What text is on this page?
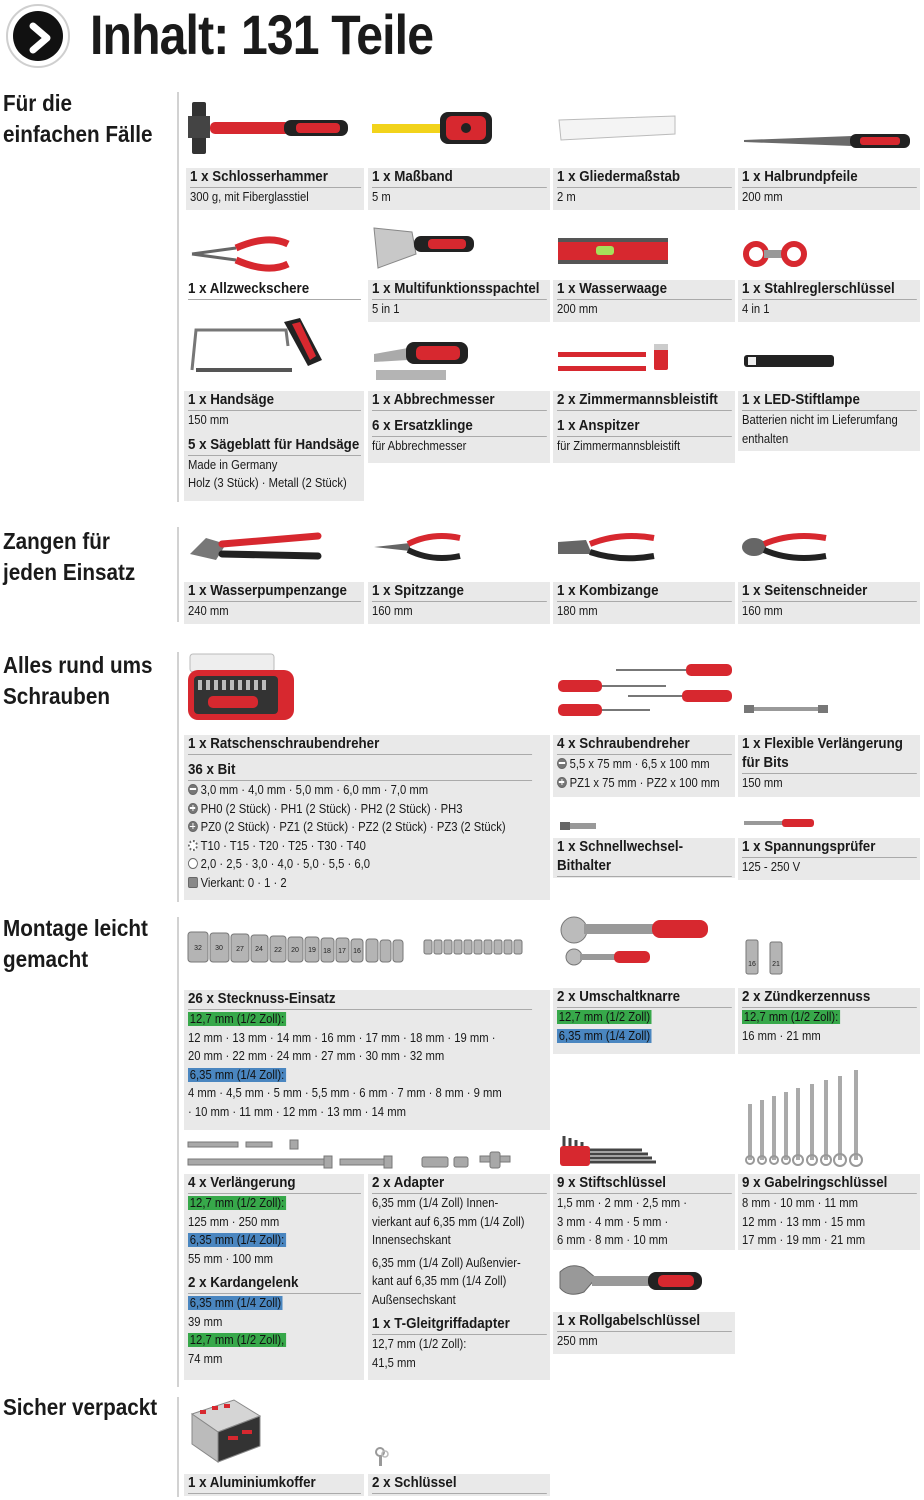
Inhalt: 131 Teile
Für die
einfachen Fälle
Zangen für
jeden Einsatz
Alles rund ums
Schrauben
Montage leicht
gemacht
Sicher verpackt
1 x Schlosserhammer
300 g, mit Fiberglasstiel
1 x Maßband
5 m
1 x Gliedermaßstab
2 m
1 x Halbrundpfeile
200 mm
1 x Allzweckschere	1 x Multifunktionsspachtel
5 in 1
1 x Wasserwaage
200 mm
1 x Stahlreglerschlüssel
4 in 1
1 x Handsäge
150 mm
5 x Sägeblatt für Handsäge
Made in Germany
Holz (3 Stück) · Metall (2 Stück)
1 x Abbrechmesser
6 x Ersatzklinge
für Abbrechmesser
2 x Zimmermannsbleistift
1 x Anspitzer
für Zimmermannsbleistift
1 x LED-Stiftlampe
Batterien nicht im Lieferumfang
enthalten
1 x Wasserpumpenzange
240 mm
1 x Spitzzange
160 mm
1 x Kombizange
180 mm
1 x Seitenschneider
160 mm
1 x Ratschenschraubendreher
36 x Bit
3,0 mm · 4,0 mm · 5,0 mm · 6,0 mm · 7,0 mm
PH0 (2 Stück) · PH1 (2 Stück) · PH2 (2 Stück) · PH3
PZ0 (2 Stück) · PZ1 (2 Stück) · PZ2 (2 Stück) · PZ3 (2 Stück)
T10 · T15 · T20 · T25 · T30 · T40
2,0 · 2,5 · 3,0 · 4,0 · 5,0 · 5,5 · 6,0
Vierkant: 0 · 1 · 2
4 x Schraubendreher
5,5 x 75 mm · 6,5 x 100 mm
PZ1 x 75 mm · PZ2 x 100 mm
1 x Flexible Verlängerung
für Bits
150 mm
1 x Schnellwechsel-
Bithalter
1 x Spannungsprüfer
125 - 250 V
32 30 27 24 22 20 19 18 17 16
16 21
26 x Stecknuss-Einsatz
12,7 mm (1/2 Zoll):
12 mm · 13 mm · 14 mm · 16 mm · 17 mm · 18 mm · 19 mm ·
20 mm · 22 mm · 24 mm · 27 mm · 30 mm · 32 mm
6,35 mm (1/4 Zoll):
4 mm · 4,5 mm · 5 mm · 5,5 mm · 6 mm · 7 mm · 8 mm · 9 mm
· 10 mm · 11 mm · 12 mm · 13 mm · 14 mm
2 x Umschaltknarre
12,7 mm (1/2 Zoll)
6,35 mm (1/4 Zoll)
2 x Zündkerzennuss
12,7 mm (1/2 Zoll):
16 mm · 21 mm
4 x Verlängerung
12,7 mm (1/2 Zoll):
125 mm · 250 mm
6,35 mm (1/4 Zoll):
55 mm · 100 mm
2 x Kardangelenk
6,35 mm (1/4 Zoll)
39 mm
12,7 mm (1/2 Zoll),
74 mm
2 x Adapter
6,35 mm (1/4 Zoll) Innen-
vierkant auf 6,35 mm (1/4 Zoll)
Innensechskant
6,35 mm (1/4 Zoll) Außenvier-
kant auf 6,35 mm (1/4 Zoll)
Außensechskant
1 x T-Gleitgriffadapter
12,7 mm (1/2 Zoll):
41,5 mm
9 x Stiftschlüssel
1,5 mm · 2 mm · 2,5 mm ·
3 mm · 4 mm · 5 mm ·
6 mm · 8 mm · 10 mm
9 x Gabelringschlüssel
8 mm · 10 mm · 11 mm
12 mm · 13 mm · 15 mm
17 mm · 19 mm · 21 mm
1 x Rollgabelschlüssel
250 mm
1 x Aluminiumkoffer	2 x Schlüssel
